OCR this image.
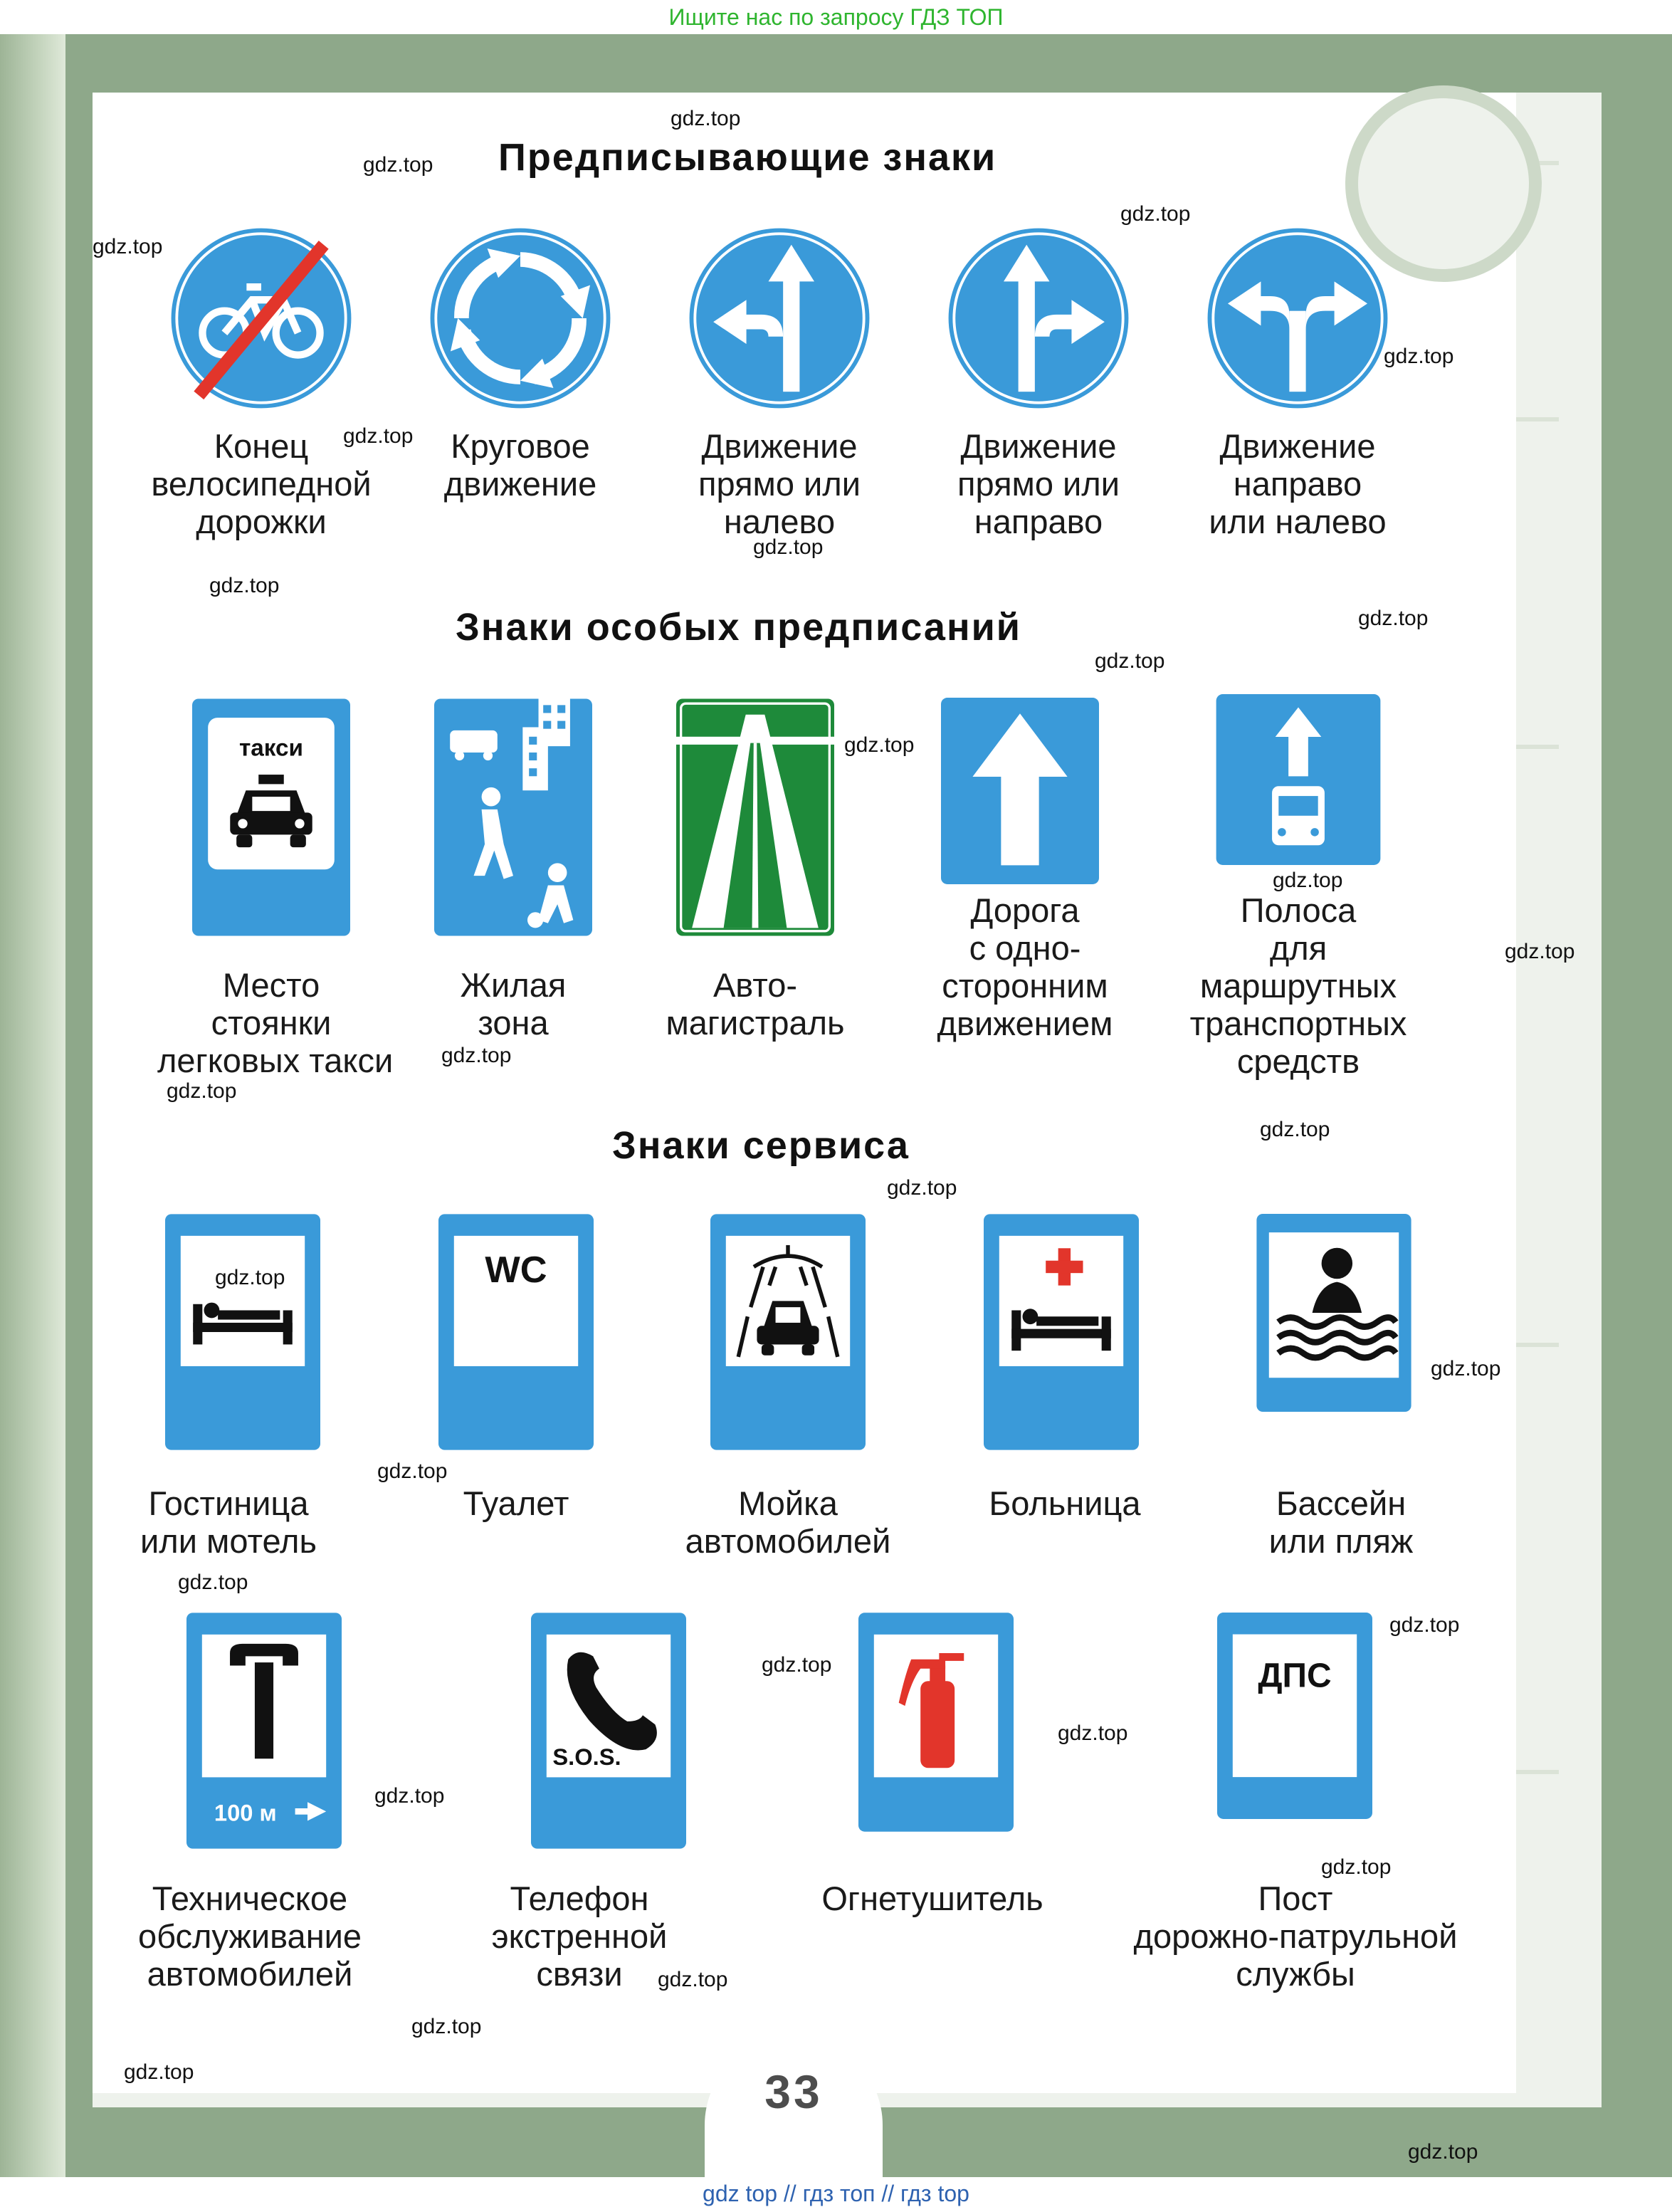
Ищите нас по запросу ГДЗ ТОП
Предписывающие знаки
Знаки особых предписаний
Знаки сервиса
Конец
велосипедной
дорожки
Круговое
движение
Движение
прямо или
налево
Движение
прямо или
направо
Движение
направо
или налево
такси
Место
стоянки
легковых такси
Жилая
зона
Авто-
магистраль
Дорога
с одно-
сторонним
движением
Полоса
для
маршрутных
транспортных
средств
WC
Гостиница
или мотель
Туалет	Мойка
автомобилей
Больница	Бассейн
или пляж
100 м
S.O.S.
ДПС
Техническое
обслуживание
автомобилей
Телефон
экстренной
связи
Огнетушитель	Пост
дорожно-патрульной
службы
33
gdz.top
gdz.top
gdz.top
gdz.top
gdz.top
gdz.top
gdz.top
gdz.top
gdz.top
gdz.top
gdz.top
gdz.top
gdz.top
gdz.top
gdz.top
gdz.top
gdz.top
gdz.top
gdz.top
gdz.top
gdz.top
gdz.top
gdz.top
gdz.top
gdz.top
gdz.top
gdz.top
gdz.top
gdz.top
gdz.top
gdz top // гдз топ // гдз top
